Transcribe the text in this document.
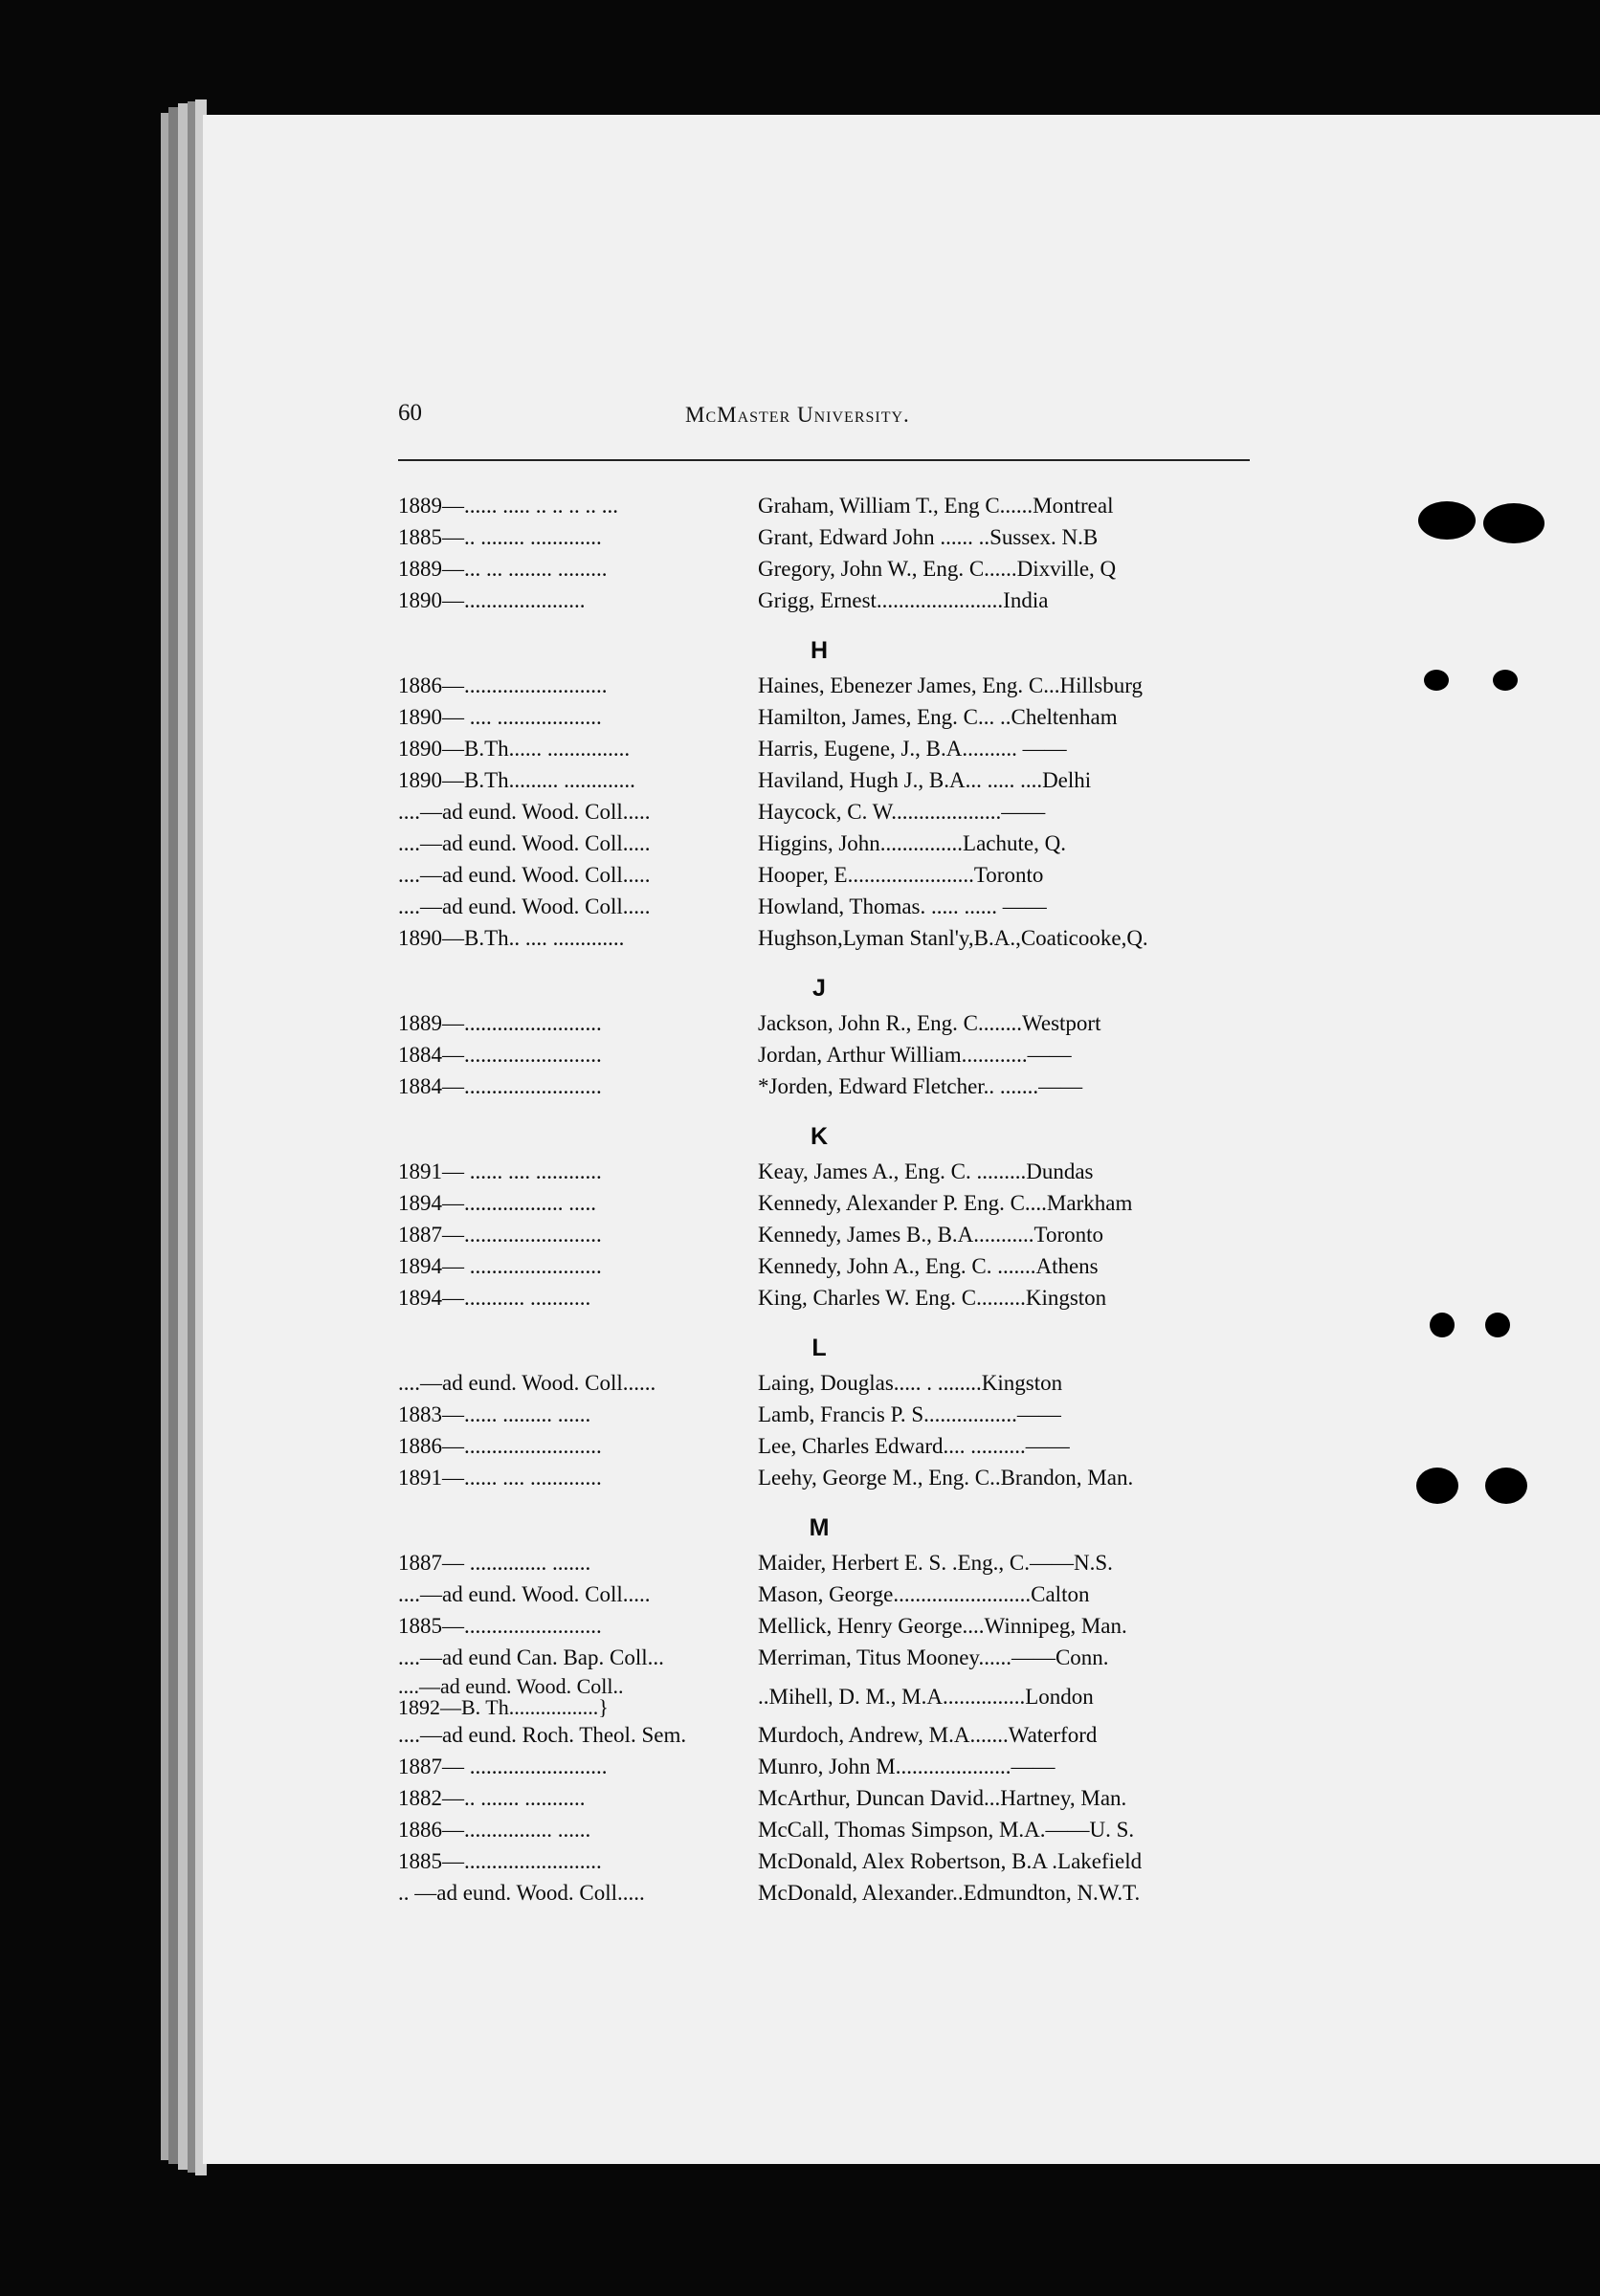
60	McMaster University.
1889—...... ..... .. .. .. .. ...	Graham, William T., Eng C......Montreal
1885—.. ........ .............	Grant, Edward John ...... ..Sussex. N.B
1889—... ... ........ .........	Gregory, John W., Eng. C......Dixville, Q
1890—......................	Grigg, Ernest.......................India
H
1886—..........................	Haines, Ebenezer James, Eng. C...Hillsburg
1890— .... ...................	Hamilton, James, Eng. C... ..Cheltenham
1890—B.Th...... ...............	Harris, Eugene, J., B.A.......... ——
1890—B.Th......... .............	Haviland, Hugh J., B.A... ..... ....Delhi
....—ad eund. Wood. Coll.....	Haycock, C. W....................——
....—ad eund. Wood. Coll.....	Higgins, John...............Lachute, Q.
....—ad eund. Wood. Coll.....	Hooper, E.......................Toronto
....—ad eund. Wood. Coll.....	Howland, Thomas. ..... ...... ——
1890—B.Th.. .... .............	Hughson,Lyman Stanl'y,B.A.,Coaticooke,Q.
J
1889—.........................	Jackson, John R., Eng. C........Westport
1884—.........................	Jordan, Arthur William............——
1884—.........................	*Jorden, Edward Fletcher.. .......——
K
1891— ...... .... ............	Keay, James A., Eng. C. .........Dundas
1894—.................. .....	Kennedy, Alexander P. Eng. C....Markham
1887—.........................	Kennedy, James B., B.A...........Toronto
1894— ........................	Kennedy, John A., Eng. C. .......Athens
1894—........... ...........	King, Charles W. Eng. C.........Kingston
L
....—ad eund. Wood. Coll......	Laing, Douglas..... . ........Kingston
1883—...... ......... ......	Lamb, Francis P. S.................——
1886—.........................	Lee, Charles Edward.... ..........——
1891—...... .... .............	Leehy, George M., Eng. C..Brandon, Man.
M
1887— .............. .......	Maider, Herbert E. S. .Eng., C.——N.S.
....—ad eund. Wood. Coll.....	Mason, George.........................Calton
1885—.........................	Mellick, Henry George....Winnipeg, Man.
....—ad eund Can. Bap. Coll...	Merriman, Titus Mooney......——Conn.
....—ad eund. Wood. Coll..
1892—B. Th.................}	..Mihell, D. M., M.A...............London
....—ad eund. Roch. Theol. Sem.	Murdoch, Andrew, M.A.......Waterford
1887— .........................	Munro, John M.....................——
1882—.. ....... ...........	McArthur, Duncan David...Hartney, Man.
1886—................ ......	McCall, Thomas Simpson, M.A.——U. S.
1885—.........................	McDonald, Alex Robertson, B.A .Lakefield
.. —ad eund. Wood. Coll.....	McDonald, Alexander..Edmundton, N.W.T.
